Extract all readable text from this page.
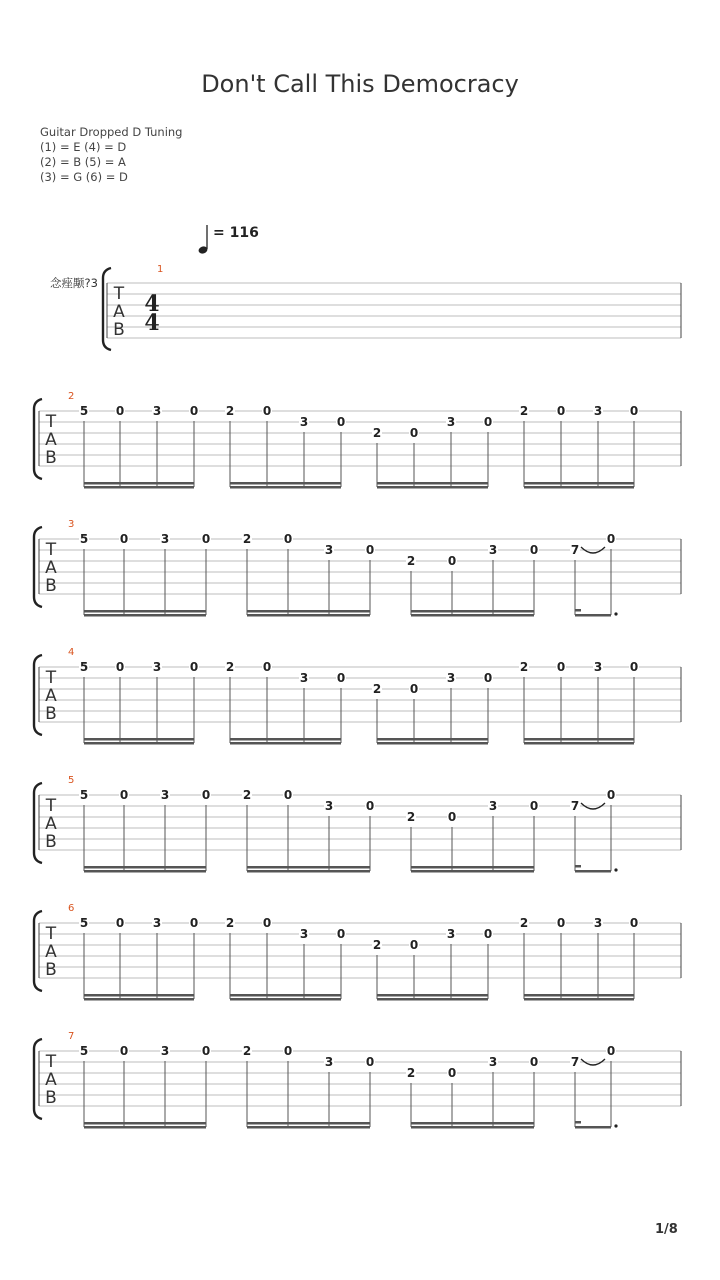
Don't Call This Democracy
Guitar Dropped D Tuning
(1) = E (4) = D
(2) = B (5) = A
(3) = G (6) = D
= 116
念痤颙?3
T
A
B
1
4
4
T
A
B
2
5 0 3 0 2 0
3 0
2 0
3 0
2 0 3 0
T
A
B
3
5	0	3	0	2	0
3	0
2	0
3	0	7
0
T
A
B
4
5 0 3 0 2 0
3 0
2 0
3 0
2 0 3 0
T
A
B
5
5	0	3	0	2	0
3	0
2	0
3	0	7
0
T
A
B
6
5 0 3 0 2 0
3 0
2 0
3 0
2 0 3 0
T
A
B
7
5	0	3	0	2	0
3	0
2	0
3	0	7
0
1/8
